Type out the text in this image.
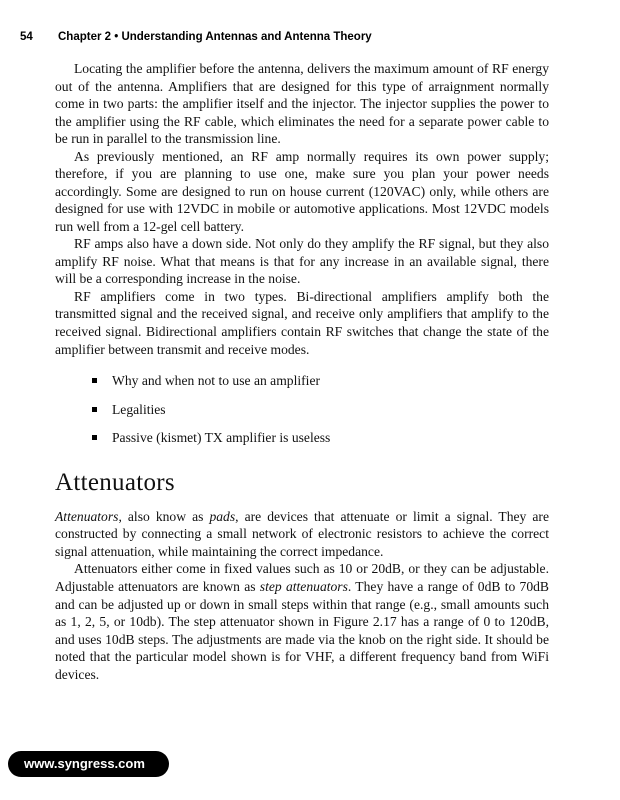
54	Chapter 2 • Understanding Antennas and Antenna Theory

Locating the amplifier before the antenna, delivers the maximum amount of RF energy out of the antenna. Amplifiers that are designed for this type of arraignment normally come in two parts: the amplifier itself and the injector. The injector supplies the power to the amplifier using the RF cable, which eliminates the need for a separate power cable to be run in parallel to the transmission line.

As previously mentioned, an RF amp normally requires its own power supply; therefore, if you are planning to use one, make sure you plan your power needs accordingly. Some are designed to run on house current (120VAC) only, while others are designed for use with 12VDC in mobile or automotive applications. Most 12VDC models run well from a 12-gel cell battery.

RF amps also have a down side. Not only do they amplify the RF signal, but they also amplify RF noise. What that means is that for any increase in an available signal, there will be a corresponding increase in the noise.

RF amplifiers come in two types. Bi-directional amplifiers amplify both the transmitted signal and the received signal, and receive only amplifiers that amplify to the received signal. Bidirectional amplifiers contain RF switches that change the state of the amplifier between transmit and receive modes.

Why and when not to use an amplifier
Legalities
Passive (kismet) TX amplifier is useless
Attenuators

Attenuators, also know as pads, are devices that attenuate or limit a signal. They are constructed by connecting a small network of electronic resistors to achieve the correct signal attenuation, while maintaining the correct impedance.

Attenuators either come in fixed values such as 10 or 20dB, or they can be adjustable. Adjustable attenuators are known as step attenuators. They have a range of 0dB to 70dB and can be adjusted up or down in small steps within that range (e.g., small amounts such as 1, 2, 5, or 10db). The step attenuator shown in Figure 2.17 has a range of 0 to 120dB, and uses 10dB steps. The adjustments are made via the knob on the right side. It should be noted that the particular model shown is for VHF, a different frequency band from WiFi devices.

www.syngress.com
